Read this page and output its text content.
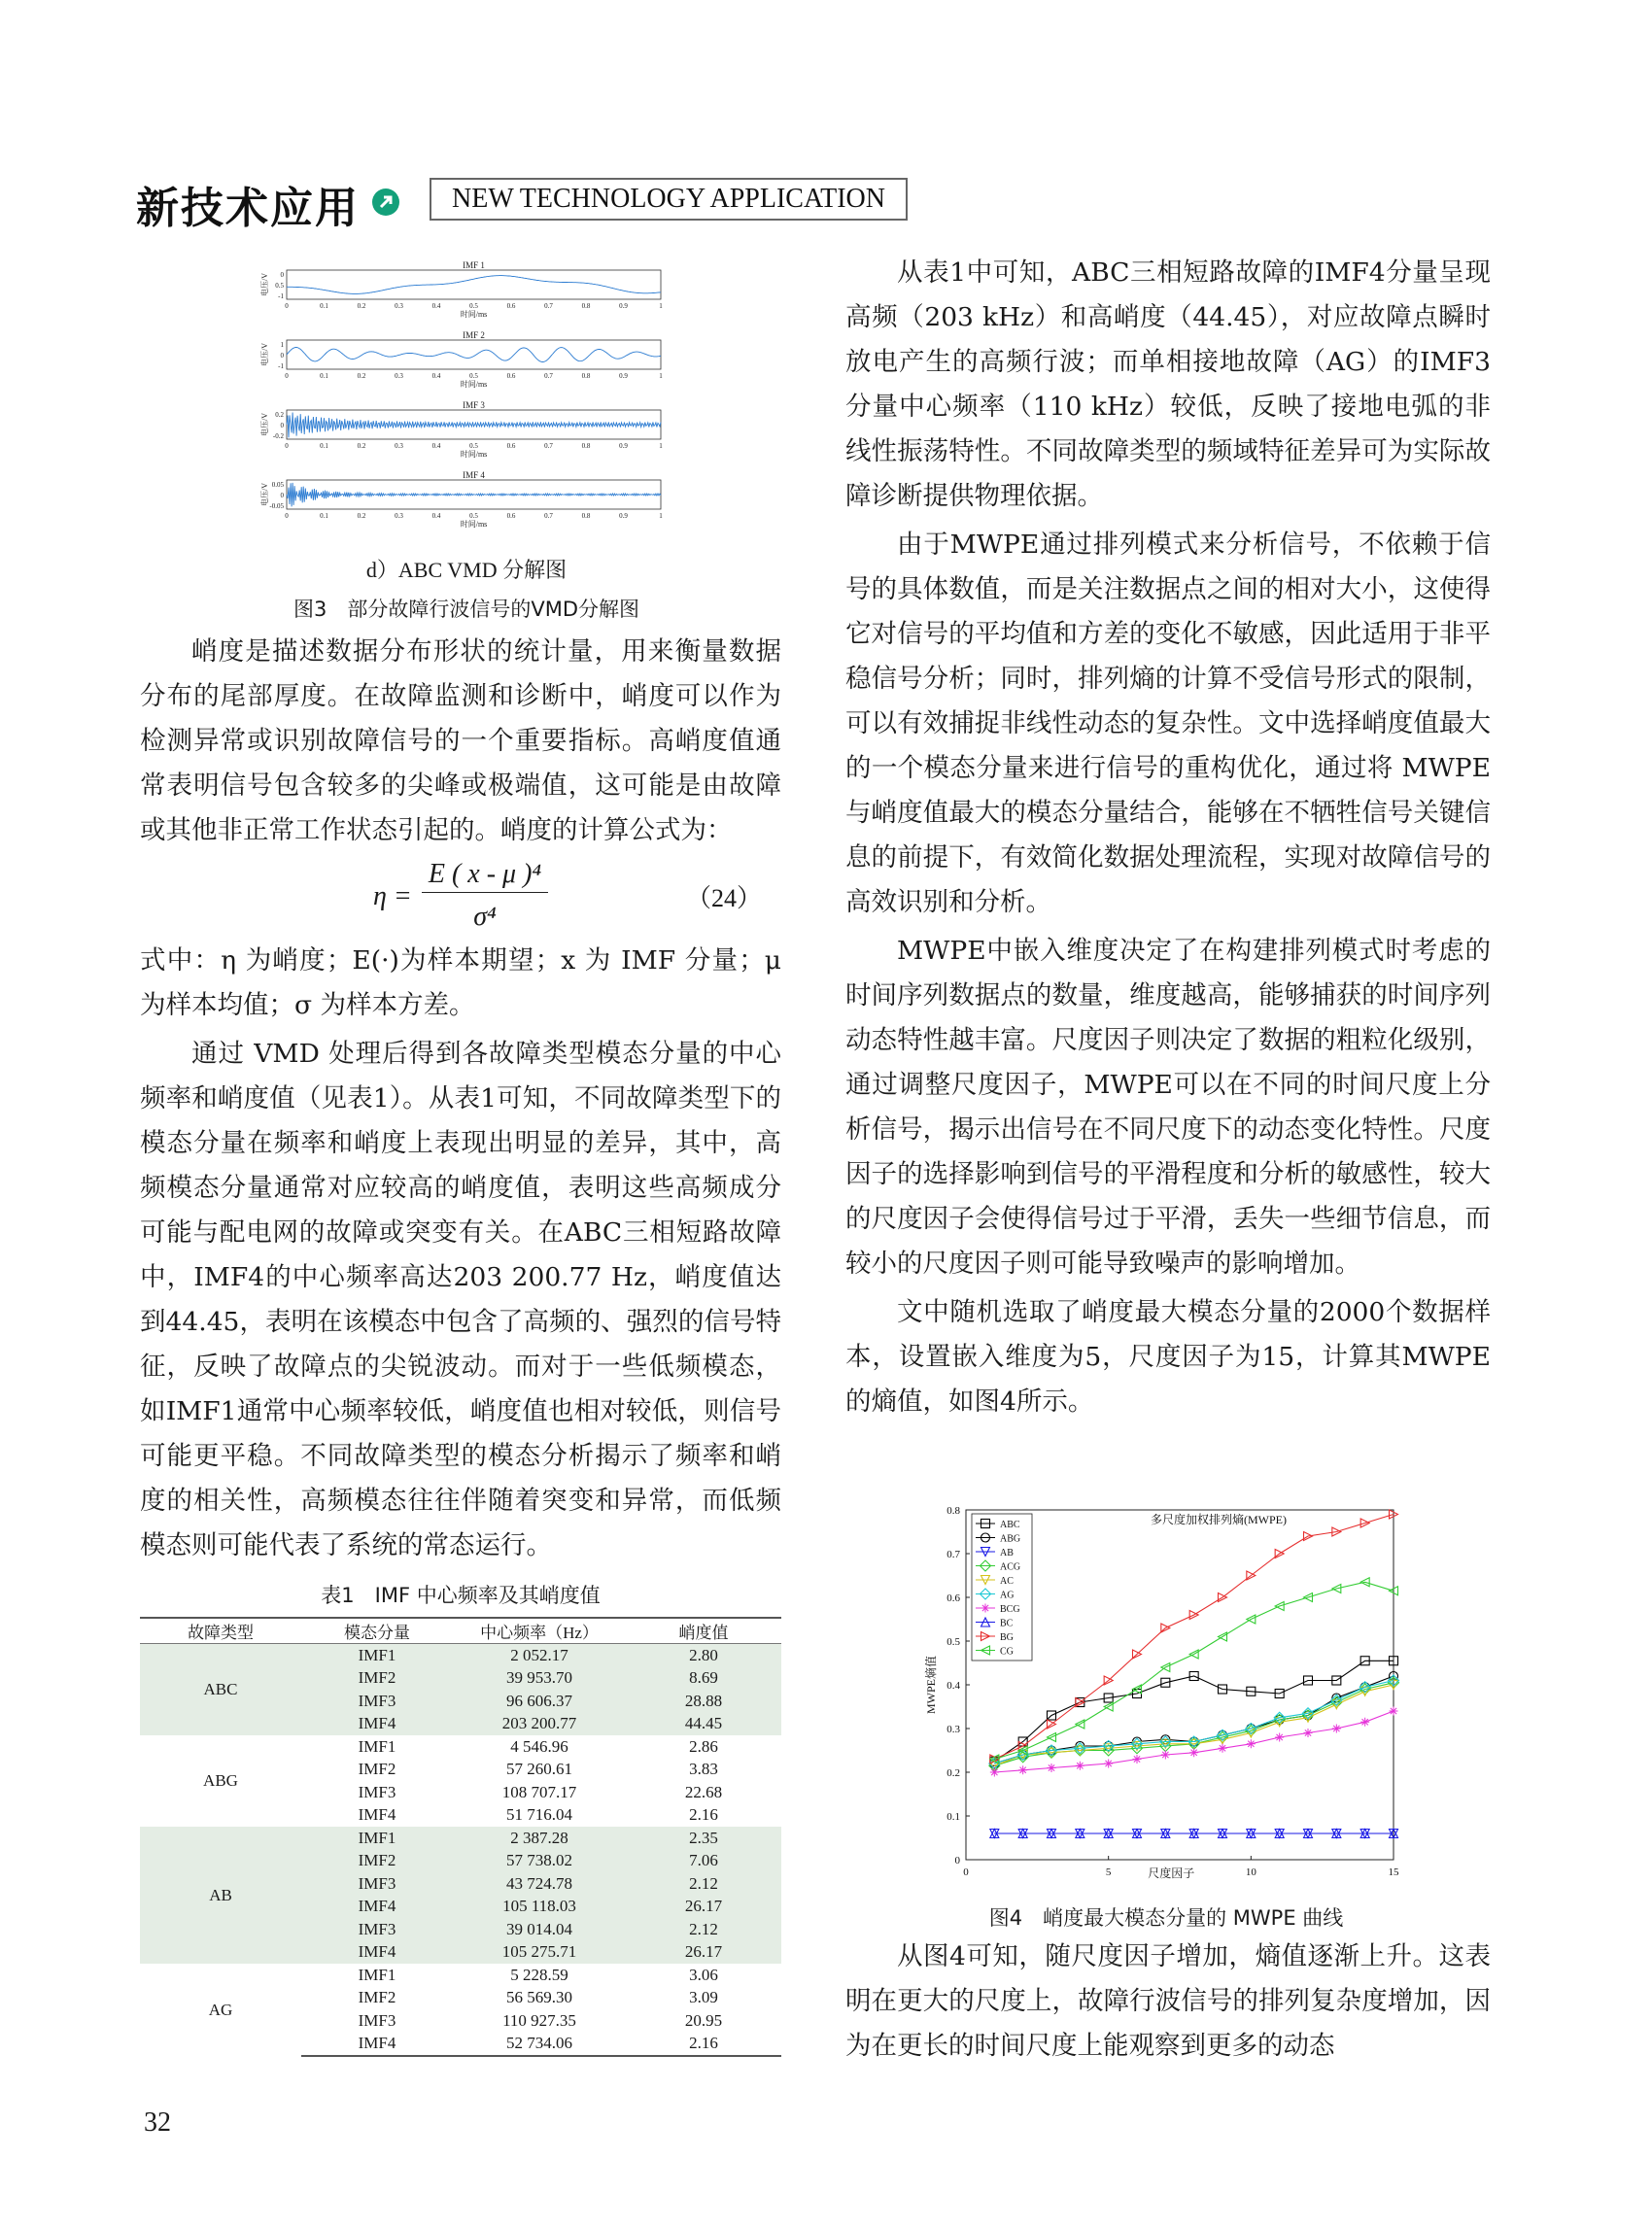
新技术应用	NEW TECHNOLOGY APPLICATION
IMF 1
电压/V 0
0.5
-1
0	0.1	0.2	0.3	0.4	0.5	0.6	0.7	0.8	0.9	1
时间/ms
IMF 2
电压/V 1
0
-1
0	0.1	0.2	0.3	0.4	0.5	0.6	0.7	0.8	0.9	1
时间/ms
IMF 3
电压/V 0.2
0
-0.2
0	0.1	0.2	0.3	0.4	0.5	0.6	0.7	0.8	0.9	1
时间/ms
IMF 4
电压/V 0.05
0
-0.05
0	0.1	0.2	0.3	0.4	0.5	0.6	0.7	0.8	0.9	1
时间/ms
d）ABC VMD 分解图
图3　部分故障行波信号的VMD分解图

峭度是描述数据分布形状的统计量，用来衡量数据分布的尾部厚度。在故障监测和诊断中，峭度可以作为检测异常或识别故障信号的一个重要指标。高峭度值通常表明信号包含较多的尖峰或极端值，这可能是由故障或其他非正常工作状态引起的。峭度的计算公式为：

η =
E ( x - μ )⁴
σ⁴
（24）

式中：η 为峭度；E(·)为样本期望；x 为 IMF 分量；μ 为样本均值；σ 为样本方差。

通过 VMD 处理后得到各故障类型模态分量的中心频率和峭度值（见表1）。从表1可知，不同故障类型下的模态分量在频率和峭度上表现出明显的差异，其中，高频模态分量通常对应较高的峭度值，表明这些高频成分可能与配电网的故障或突变有关。在ABC三相短路故障中，IMF4的中心频率高达203 200.77 Hz，峭度值达到44.45，表明在该模态中包含了高频的、强烈的信号特征，反映了故障点的尖锐波动。而对于一些低频模态，如IMF1通常中心频率较低，峭度值也相对较低，则信号可能更平稳。不同故障类型的模态分析揭示了频率和峭度的相关性，高频模态往往伴随着突变和异常，而低频模态则可能代表了系统的常态运行。

表1　IMF 中心频率及其峭度值
故障类型	模态分量	中心频率（Hz）	峭度值
ABC	IMF1	2 052.17	2.80
	IMF2	39 953.70	8.69
	IMF3	96 606.37	28.88
	IMF4	203 200.77	44.45
ABG	IMF1	4 546.96	2.86
	IMF2	57 260.61	3.83
	IMF3	108 707.17	22.68
	IMF4	51 716.04	2.16
AB	IMF1	2 387.28	2.35
	IMF2	57 738.02	7.06
	IMF3	43 724.78	2.12
	IMF4	105 118.03	26.17
	IMF3	39 014.04	2.12
	IMF4	105 275.71	26.17
AG	IMF1	5 228.59	3.06
	IMF2	56 569.30	3.09
	IMF3	110 927.35	20.95
	IMF4	52 734.06	2.16

从表1中可知，ABC三相短路故障的IMF4分量呈现高频（203 kHz）和高峭度（44.45），对应故障点瞬时放电产生的高频行波；而单相接地故障（AG）的IMF3分量中心频率（110 kHz）较低，反映了接地电弧的非线性振荡特性。不同故障类型的频域特征差异可为实际故障诊断提供物理依据。

由于MWPE通过排列模式来分析信号，不依赖于信号的具体数值，而是关注数据点之间的相对大小，这使得它对信号的平均值和方差的变化不敏感，因此适用于非平稳信号分析；同时，排列熵的计算不受信号形式的限制，可以有效捕捉非线性动态的复杂性。文中选择峭度值最大的一个模态分量来进行信号的重构优化，通过将 MWPE 与峭度值最大的模态分量结合，能够在不牺牲信号关键信息的前提下，有效简化数据处理流程，实现对故障信号的高效识别和分析。

MWPE中嵌入维度决定了在构建排列模式时考虑的时间序列数据点的数量，维度越高，能够捕获的时间序列动态特性越丰富。尺度因子则决定了数据的粗粒化级别，通过调整尺度因子，MWPE可以在不同的时间尺度上分析信号，揭示出信号在不同尺度下的动态变化特性。尺度因子的选择影响到信号的平滑程度和分析的敏感性，较大的尺度因子会使得信号过于平滑，丢失一些细节信息，而较小的尺度因子则可能导致噪声的影响增加。

文中随机选取了峭度最大模态分量的2000个数据样本，设置嵌入维度为5，尺度因子为15，计算其MWPE的熵值，如图4所示。

多尺度加权排列熵(MWPE)
0
0.1
0.2
0.3
0.4
0.5
0.6
0.7
0.8
0	5	10	15
尺度因子
MWPE熵值
ABC
ABG
AB
ACG
AC
AG
BCG
BC
BG
CG
图4　峭度最大模态分量的 MWPE 曲线

从图4可知，随尺度因子增加，熵值逐渐上升。这表明在更大的尺度上，故障行波信号的排列复杂度增加，因为在更长的时间尺度上能观察到更多的动态

32
